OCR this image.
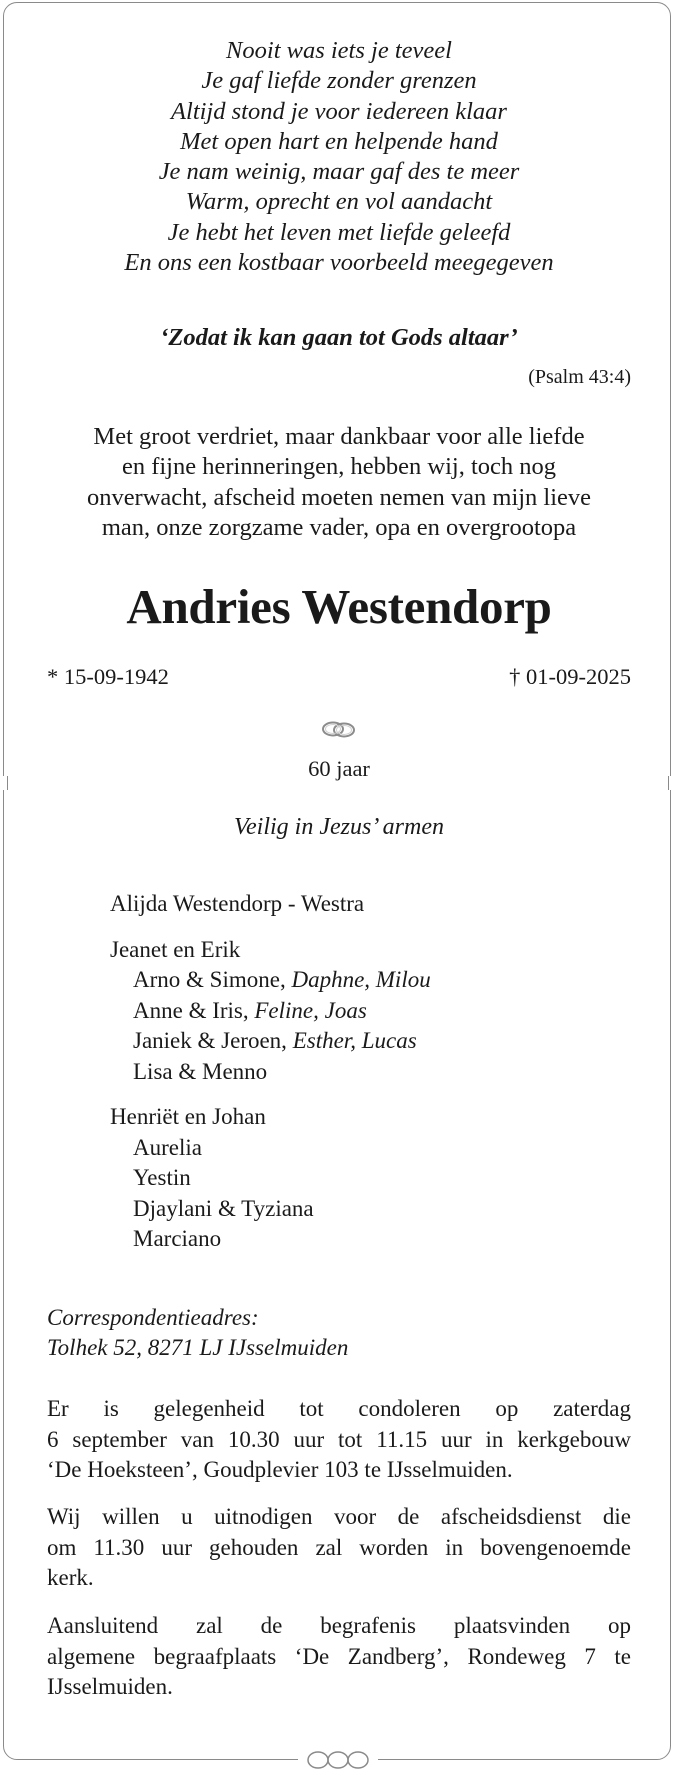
Nooit was iets je teveel
Je gaf liefde zonder grenzen
Altijd stond je voor iedereen klaar
Met open hart en helpende hand
Je nam weinig, maar gaf des te meer
Warm, oprecht en vol aandacht
Je hebt het leven met liefde geleefd
En ons een kostbaar voorbeeld meegegeven
‘Zodat ik kan gaan tot Gods altaar’
(Psalm 43:4)
Met groot verdriet, maar dankbaar voor alle liefde
en fijne herinneringen, hebben wij, toch nog
onverwacht, afscheid moeten nemen van mijn lieve
man, onze zorgzame vader, opa en overgrootopa
Andries Westendorp
* 15-09-1942	† 01-09-2025
60 jaar
Veilig in Jezus’ armen
Alijda Westendorp - Westra
Jeanet en Erik
Arno & Simone, Daphne, Milou
Anne & Iris, Feline, Joas
Janiek & Jeroen, Esther, Lucas
Lisa & Menno
Henriët en Johan
Aurelia
Yestin
Djaylani & Tyziana
Marciano
Correspondentieadres:
Tolhek 52, 8271 LJ IJsselmuiden
Er is gelegenheid tot condoleren op zaterdag
6 september van 10.30 uur tot 11.15 uur in kerkgebouw
‘De Hoeksteen’, Goudplevier 103 te IJsselmuiden.
Wij willen u uitnodigen voor de afscheidsdienst die
om 11.30 uur gehouden zal worden in bovengenoemde
kerk.
Aansluitend zal de begrafenis plaatsvinden op
algemene begraafplaats ‘De Zandberg’, Rondeweg 7 te
IJsselmuiden.
